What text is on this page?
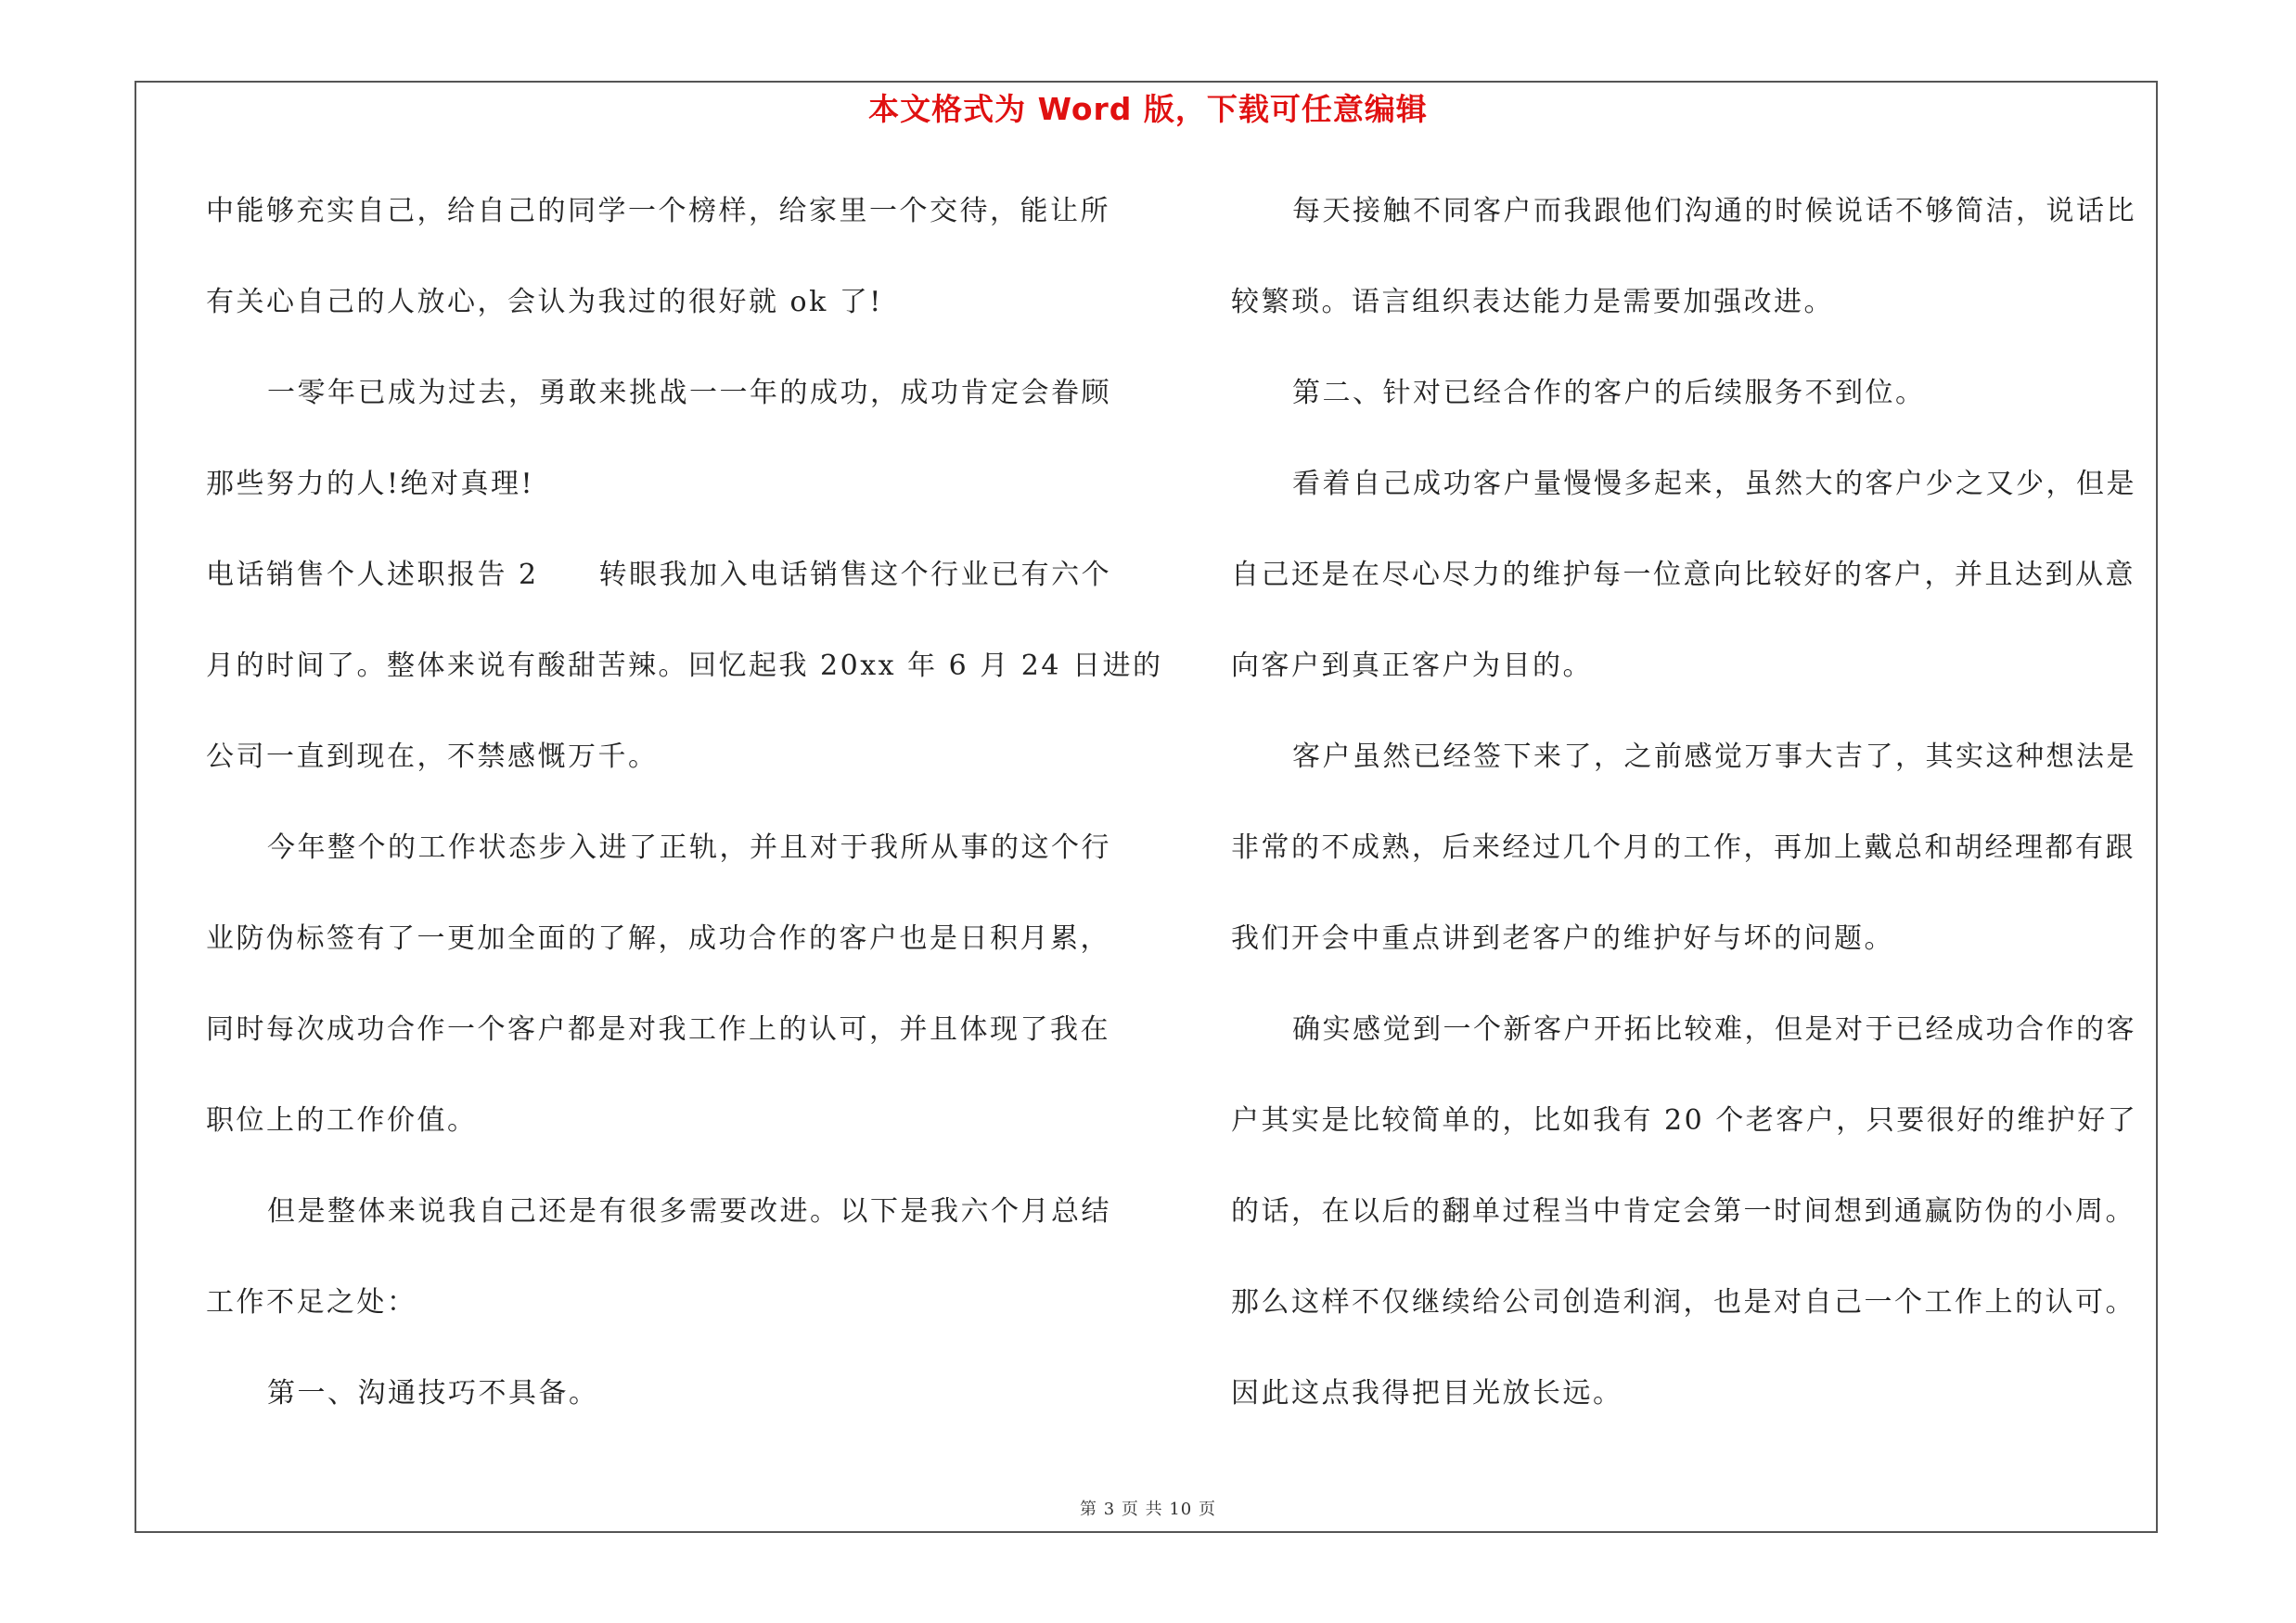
本文格式为 Word 版，下载可任意编辑
中能够充实自己，给自己的同学一个榜样，给家里一个交待，能让所
有关心自己的人放心，会认为我过的很好就 ok 了!
一零年已成为过去，勇敢来挑战一一年的成功，成功肯定会眷顾
那些努力的人!绝对真理!
电话销售个人述职报告 2　　转眼我加入电话销售这个行业已有六个
月的时间了。整体来说有酸甜苦辣。回忆起我 20xx 年 6 月 24 日进的
公司一直到现在，不禁感慨万千。
今年整个的工作状态步入进了正轨，并且对于我所从事的这个行
业防伪标签有了一更加全面的了解，成功合作的客户也是日积月累，
同时每次成功合作一个客户都是对我工作上的认可，并且体现了我在
职位上的工作价值。
但是整体来说我自己还是有很多需要改进。以下是我六个月总结
工作不足之处：
第一、沟通技巧不具备。
每天接触不同客户而我跟他们沟通的时候说话不够简洁，说话比
较繁琐。语言组织表达能力是需要加强改进。
第二、针对已经合作的客户的后续服务不到位。
看着自己成功客户量慢慢多起来，虽然大的客户少之又少，但是
自己还是在尽心尽力的维护每一位意向比较好的客户，并且达到从意
向客户到真正客户为目的。
客户虽然已经签下来了，之前感觉万事大吉了，其实这种想法是
非常的不成熟，后来经过几个月的工作，再加上戴总和胡经理都有跟
我们开会中重点讲到老客户的维护好与坏的问题。
确实感觉到一个新客户开拓比较难，但是对于已经成功合作的客
户其实是比较简单的，比如我有 20 个老客户，只要很好的维护好了
的话，在以后的翻单过程当中肯定会第一时间想到通赢防伪的小周。
那么这样不仅继续给公司创造利润，也是对自己一个工作上的认可。
因此这点我得把目光放长远。
第 3 页 共 10 页
